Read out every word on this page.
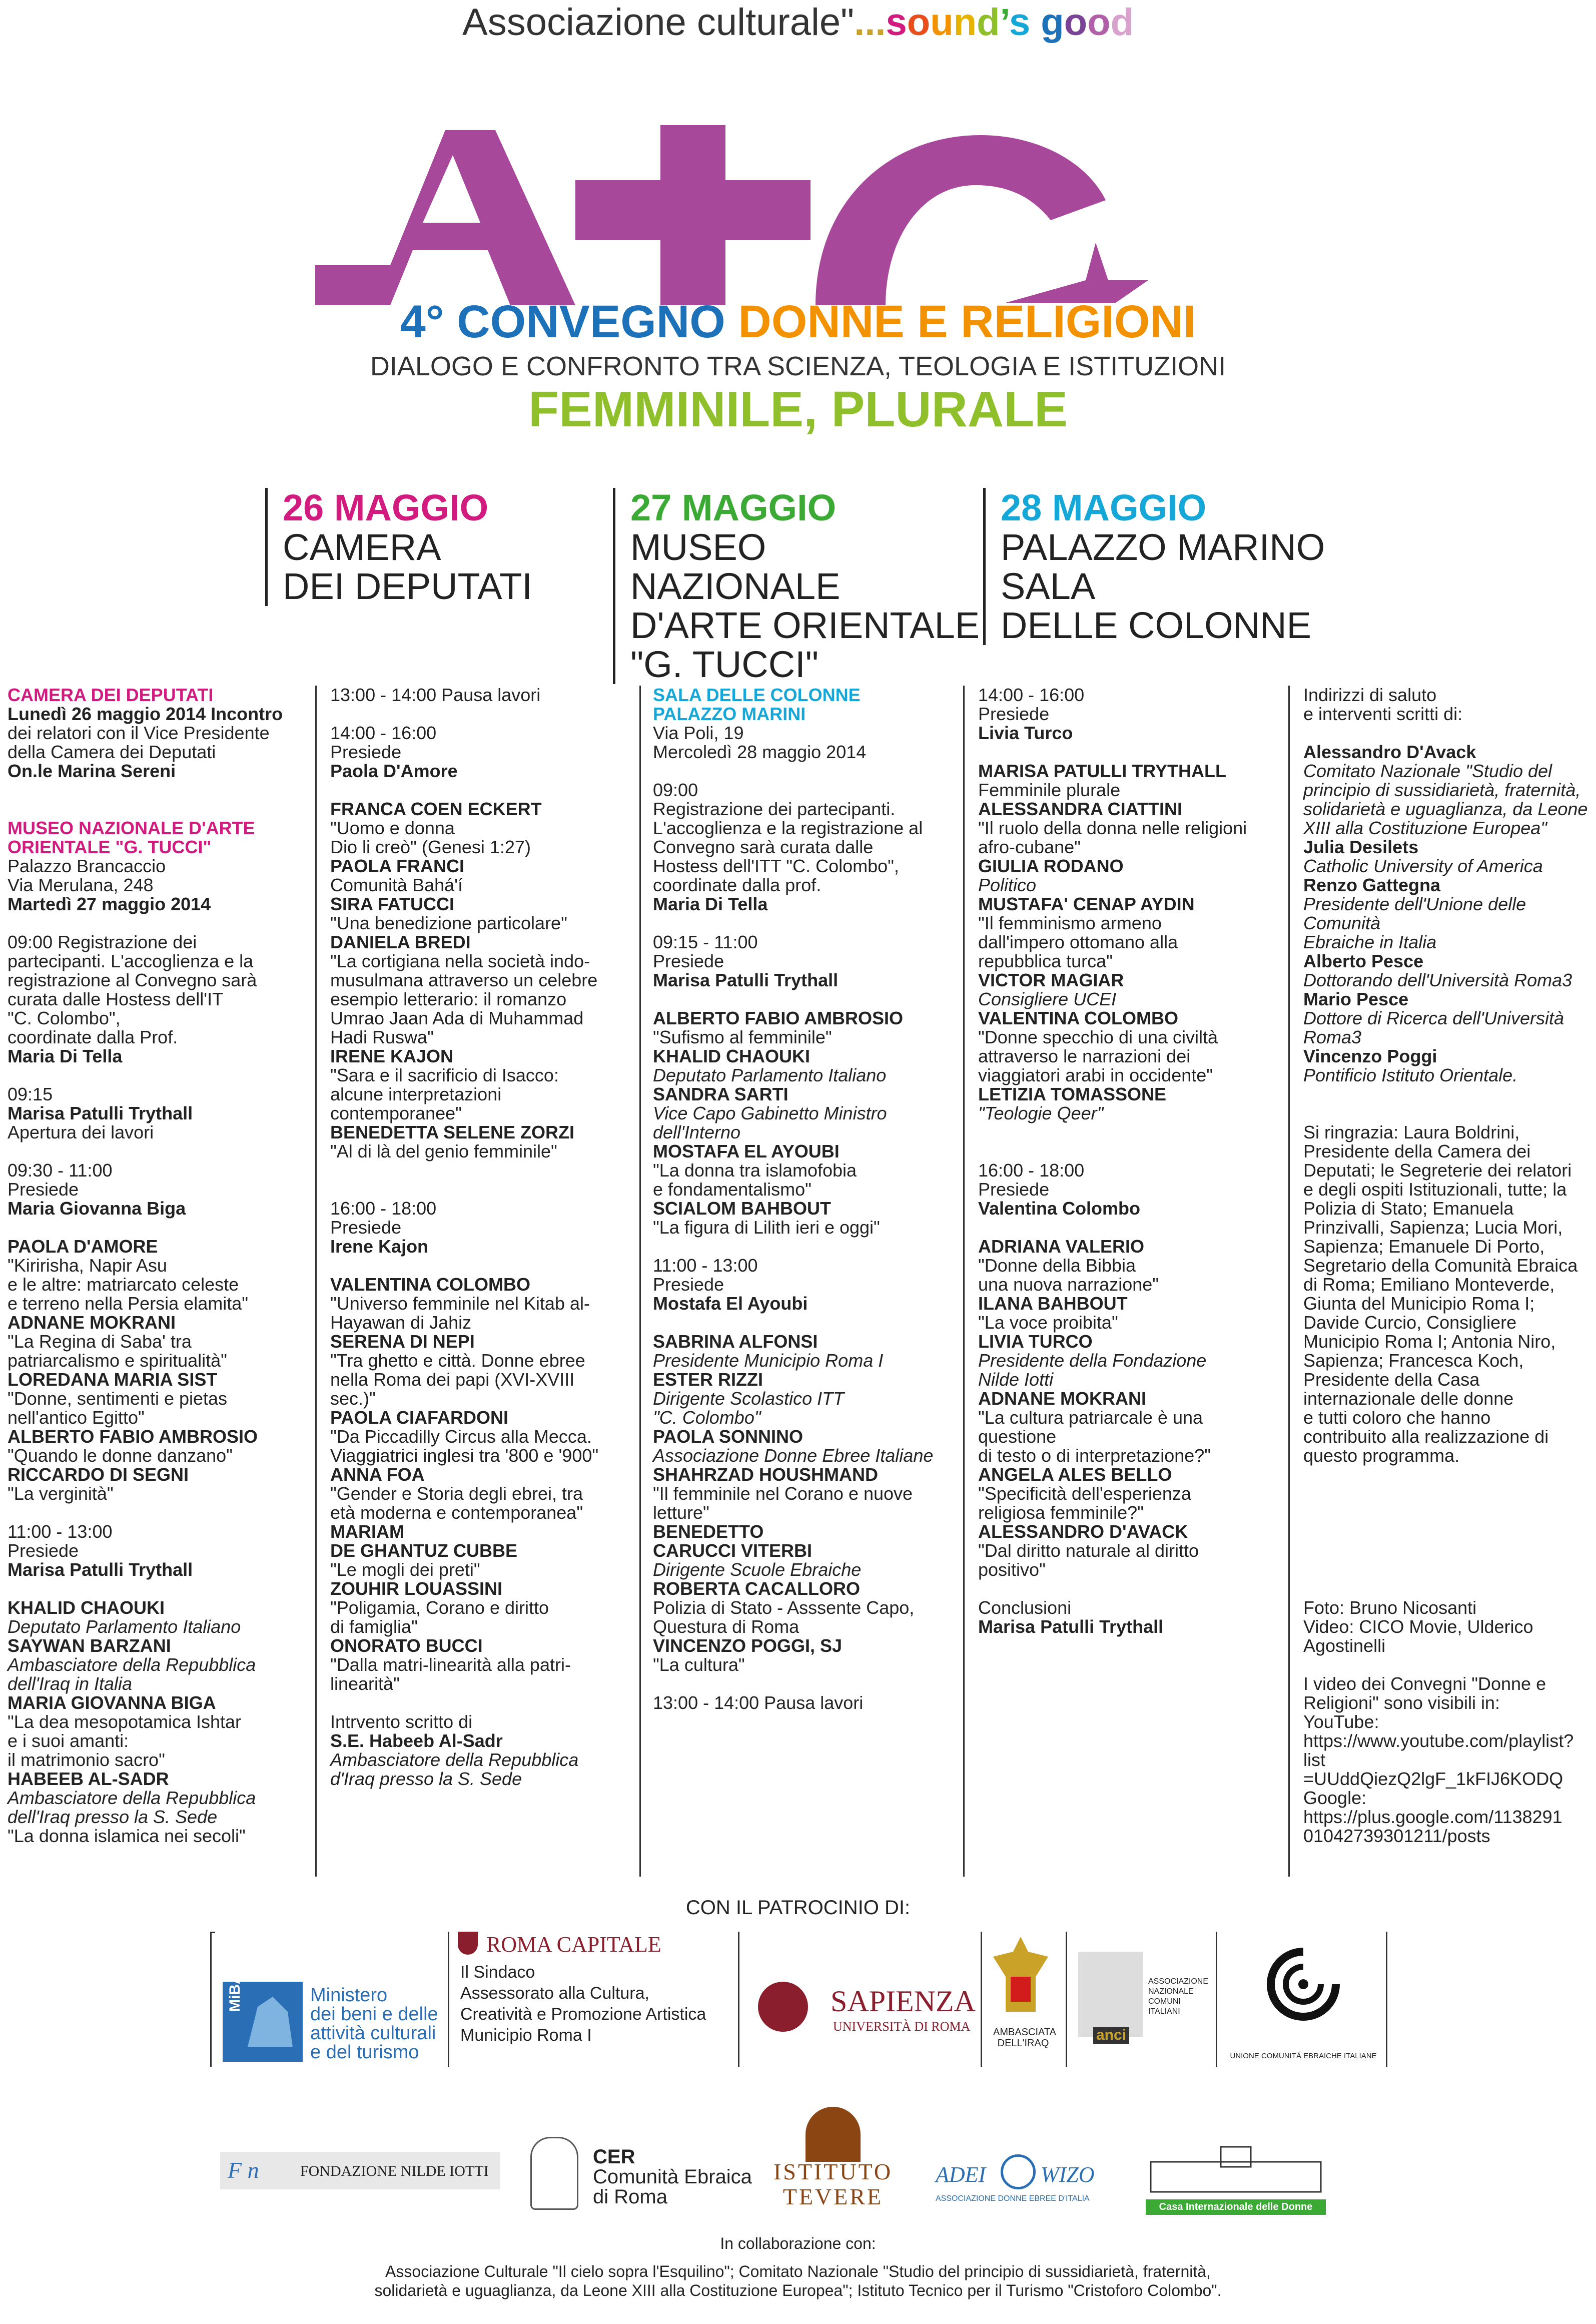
Associazione culturale"...sound’s good
4° CONVEGNO DONNE E RELIGIONI
DIALOGO E CONFRONTO TRA SCIENZA, TEOLOGIA E ISTITUZIONI
FEMMINILE, PLURALE
26 MAGGIO
CAMERA
DEI DEPUTATI
27 MAGGIO
MUSEO NAZIONALE
D'ARTE ORIENTALE
"G. TUCCI"
28 MAGGIO
PALAZZO MARINO
SALA
DELLE COLONNE

CAMERA DEI DEPUTATI

Lunedì 26 maggio 2014 Incontro

dei relatori con il Vice Presidente

della Camera dei Deputati

On.le Marina Sereni

MUSEO NAZIONALE D'ARTE

ORIENTALE "G. TUCCI"

Palazzo Brancaccio

Via Merulana, 248

Martedì 27 maggio 2014

09:00 Registrazione dei

partecipanti. L'accoglienza e la

registrazione al Convegno sarà

curata dalle Hostess dell'IT

"C. Colombo",

coordinate dalla Prof.

Maria Di Tella

09:15

Marisa Patulli Trythall

Apertura dei lavori

09:30 - 11:00

Presiede

Maria Giovanna Biga

PAOLA D'AMORE

"Kiririsha, Napir Asu

e le altre: matriarcato celeste

e terreno nella Persia elamita"

ADNANE MOKRANI

"La Regina di Saba' tra

patriarcalismo e spiritualità"

LOREDANA MARIA SIST

"Donne, sentimenti e pietas

nell'antico Egitto"

ALBERTO FABIO AMBROSIO

"Quando le donne danzano"

RICCARDO DI SEGNI

"La verginità"

11:00 - 13:00

Presiede

Marisa Patulli Trythall

KHALID CHAOUKI

Deputato Parlamento Italiano

SAYWAN BARZANI

Ambasciatore della Repubblica

dell'Iraq in Italia

MARIA GIOVANNA BIGA

"La dea mesopotamica Ishtar

e i suoi amanti:

il matrimonio sacro"

HABEEB AL-SADR

Ambasciatore della Repubblica

dell'Iraq presso la S. Sede

"La donna islamica nei secoli"

13:00 - 14:00 Pausa lavori

14:00 - 16:00

Presiede

Paola D'Amore

FRANCA COEN ECKERT

"Uomo e donna

Dio li creò" (Genesi 1:27)

PAOLA FRANCI

Comunità Bahá'í

SIRA FATUCCI

"Una benedizione particolare"

DANIELA BREDI

"La cortigiana nella società indo-

musulmana attraverso un celebre

esempio letterario: il romanzo

Umrao Jaan Ada di Muhammad

Hadi Ruswa"

IRENE KAJON

"Sara e il sacrificio di Isacco:

alcune interpretazioni

contemporanee"

BENEDETTA SELENE ZORZI

"Al di là del genio femminile"

16:00 - 18:00

Presiede

Irene Kajon

VALENTINA COLOMBO

"Universo femminile nel Kitab al-

Hayawan di Jahiz

SERENA DI NEPI

"Tra ghetto e città. Donne ebree

nella Roma dei papi (XVI-XVIII

sec.)"

PAOLA CIAFARDONI

"Da Piccadilly Circus alla Mecca.

Viaggiatrici inglesi tra '800 e '900"

ANNA FOA

"Gender e Storia degli ebrei, tra

età moderna e contemporanea"

MARIAM

DE GHANTUZ CUBBE

"Le mogli dei preti"

ZOUHIR LOUASSINI

"Poligamia, Corano e diritto

di famiglia"

ONORATO BUCCI

"Dalla matri-linearità alla patri-

linearità"

Intrvento scritto di

S.E. Habeeb Al-Sadr

Ambasciatore della Repubblica

d'Iraq presso la S. Sede

SALA DELLE COLONNE

PALAZZO MARINI

Via Poli, 19

Mercoledì 28 maggio 2014

09:00

Registrazione dei partecipanti.

L'accoglienza e la registrazione al

Convegno sarà curata dalle

Hostess dell'ITT "C. Colombo",

coordinate dalla prof.

Maria Di Tella

09:15 - 11:00

Presiede

Marisa Patulli Trythall

ALBERTO FABIO AMBROSIO

"Sufismo al femminile"

KHALID CHAOUKI

Deputato Parlamento Italiano

SANDRA SARTI

Vice Capo Gabinetto Ministro

dell'Interno

MOSTAFA EL AYOUBI

"La donna tra islamofobia

e fondamentalismo"

SCIALOM BAHBOUT

"La figura di Lilith ieri e oggi"

11:00 - 13:00

Presiede

Mostafa El Ayoubi

SABRINA ALFONSI

Presidente Municipio Roma I

ESTER RIZZI

Dirigente Scolastico ITT

"C. Colombo"

PAOLA SONNINO

Associazione Donne Ebree Italiane

SHAHRZAD HOUSHMAND

"Il femminile nel Corano e nuove

letture"

BENEDETTO

CARUCCI VITERBI

Dirigente Scuole Ebraiche

ROBERTA CACALLORO

Polizia di Stato - Asssente Capo,

Questura di Roma

VINCENZO POGGI, SJ

"La cultura"

13:00 - 14:00 Pausa lavori

14:00 - 16:00

Presiede

Livia Turco

MARISA PATULLI TRYTHALL

Femminile plurale

ALESSANDRA CIATTINI

"Il ruolo della donna nelle religioni

afro-cubane"

GIULIA RODANO

Politico

MUSTAFA' CENAP AYDIN

"Il femminismo armeno

dall'impero ottomano alla

repubblica turca"

VICTOR MAGIAR

Consigliere UCEI

VALENTINA COLOMBO

"Donne specchio di una civiltà

attraverso le narrazioni dei

viaggiatori arabi in occidente"

LETIZIA TOMASSONE

"Teologie Qeer"

16:00 - 18:00

Presiede

Valentina Colombo

ADRIANA VALERIO

"Donne della Bibbia

una nuova narrazione"

ILANA BAHBOUT

"La voce proibita"

LIVIA TURCO

Presidente della Fondazione

Nilde Iotti

ADNANE MOKRANI

"La cultura patriarcale è una questione

di testo o di interpretazione?"

ANGELA ALES BELLO

"Specificità dell'esperienza

religiosa femminile?"

ALESSANDRO D'AVACK

"Dal diritto naturale al diritto

positivo"

Conclusioni

Marisa Patulli Trythall

Indirizzi di saluto

e interventi scritti di:

Alessandro D'Avack

Comitato Nazionale "Studio del

principio di sussidiarietà, fraternità,

solidarietà e uguaglianza, da Leone

XIII alla Costituzione Europea"

Julia Desilets

Catholic University of America

Renzo Gattegna

Presidente dell'Unione delle Comunità

Ebraiche in Italia

Alberto Pesce

Dottorando dell'Università Roma3

Mario Pesce

Dottore di Ricerca dell'Università

Roma3

Vincenzo Poggi

Pontificio Istituto Orientale.

Si ringrazia: Laura Boldrini,

Presidente della Camera dei

Deputati; le Segreterie dei relatori

e degli ospiti Istituzionali, tutte; la

Polizia di Stato; Emanuela

Prinzivalli, Sapienza; Lucia Mori,

Sapienza; Emanuele Di Porto,

Segretario della Comunità Ebraica

di Roma; Emiliano Monteverde,

Giunta del Municipio Roma I;

Davide Curcio, Consigliere

Municipio Roma I; Antonia Niro,

Sapienza; Francesca Koch,

Presidente della Casa

internazionale delle donne

e tutti coloro che hanno

contribuito alla realizzazione di

questo programma.

Foto: Bruno Nicosanti

Video: CICO Movie, Ulderico

Agostinelli

I video dei Convegni "Donne e

Religioni" sono visibili in:

YouTube:

https://www.youtube.com/playlist?list

=UUddQiezQ2lgF_1kFIJ6KODQ

Google:

https://plus.google.com/1138291

01042739301211/posts

CON IL PATROCINIO DI:
MiBAC	Ministero
dei beni e delle
attività culturali
e del turismo
ROMA CAPITALE
Il Sindaco
Assessorato alla Cultura,
Creatività e Promozione Artistica
Municipio Roma I
SAPIENZA
UNIVERSITÀ DI ROMA AMBASCIATA
DELL'IRAQ	anci
ASSOCIAZIONE
NAZIONALE
COMUNI
ITALIANI
UNIONE COMUNITÀ EBRAICHE ITALIANE
F n	FONDAZIONE NILDE IOTTI
CER
Comunità Ebraica
di Roma
ISTITUTO
TEVERE
ADEI WIZO
ASSOCIAZIONE DONNE EBREE D'ITALIA
Casa Internazionale delle Donne
In collaborazione con:
Associazione Culturale "Il cielo sopra l'Esquilino"; Comitato Nazionale "Studio del principio di sussidiarietà, fraternità,
solidarietà e uguaglianza, da Leone XIII alla Costituzione Europea"; Istituto Tecnico per il Turismo "Cristoforo Colombo".
